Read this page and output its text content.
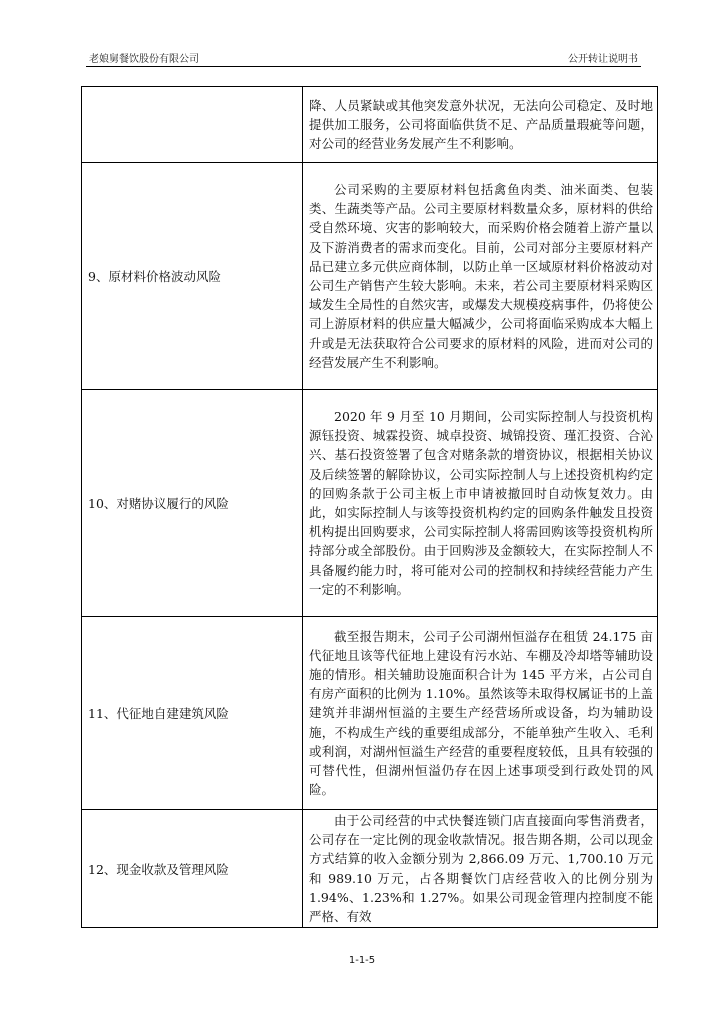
老娘舅餐饮股份有限公司	公开转让说明书

	降、人员紧缺或其他突发意外状况，无法向公司稳定、及时地提供加工服务，公司将面临供货不足、产品质量瑕疵等问题，对公司的经营业务发展产生不利影响。

9、原材料价格波动风险	公司采购的主要原材料包括禽鱼肉类、油米面类、包装类、生蔬类等产品。公司主要原材料数量众多，原材料的供给受自然环境、灾害的影响较大，而采购价格会随着上游产量以及下游消费者的需求而变化。目前，公司对部分主要原材料产品已建立多元供应商体制，以防止单一区域原材料价格波动对公司生产销售产生较大影响。未来，若公司主要原材料采购区域发生全局性的自然灾害，或爆发大规模疫病事件，仍将使公司上游原材料的供应量大幅减少，公司将面临采购成本大幅上升或是无法获取符合公司要求的原材料的风险，进而对公司的经营发展产生不利影响。

10、对赌协议履行的风险	2020 年 9 月至 10 月期间，公司实际控制人与投资机构源钰投资、城霖投资、城卓投资、城锦投资、瑾汇投资、合沁兴、基石投资签署了包含对赌条款的增资协议，根据相关协议及后续签署的解除协议，公司实际控制人与上述投资机构约定的回购条款于公司主板上市申请被撤回时自动恢复效力。由此，如实际控制人与该等投资机构约定的回购条件触发且投资机构提出回购要求，公司实际控制人将需回购该等投资机构所持部分或全部股份。由于回购涉及金额较大，在实际控制人不具备履约能力时，将可能对公司的控制权和持续经营能力产生一定的不利影响。

11、代征地自建建筑风险	截至报告期末，公司子公司湖州恒溢存在租赁 24.175 亩代征地且该等代征地上建设有污水站、车棚及冷却塔等辅助设施的情形。相关辅助设施面积合计为 145 平方米，占公司自有房产面积的比例为 1.10%。虽然该等未取得权属证书的上盖建筑并非湖州恒溢的主要生产经营场所或设备，均为辅助设施，不构成生产线的重要组成部分，不能单独产生收入、毛利或利润，对湖州恒溢生产经营的重要程度较低，且具有较强的可替代性，但湖州恒溢仍存在因上述事项受到行政处罚的风险。

12、现金收款及管理风险	由于公司经营的中式快餐连锁门店直接面向零售消费者，公司存在一定比例的现金收款情况。报告期各期，公司以现金方式结算的收入金额分别为 2,866.09 万元、1,700.10 万元和 989.10 万元，占各期餐饮门店经营收入的比例分别为 1.94%、1.23%和 1.27%。如果公司现金管理内控制度不能严格、有效
1-1-5
